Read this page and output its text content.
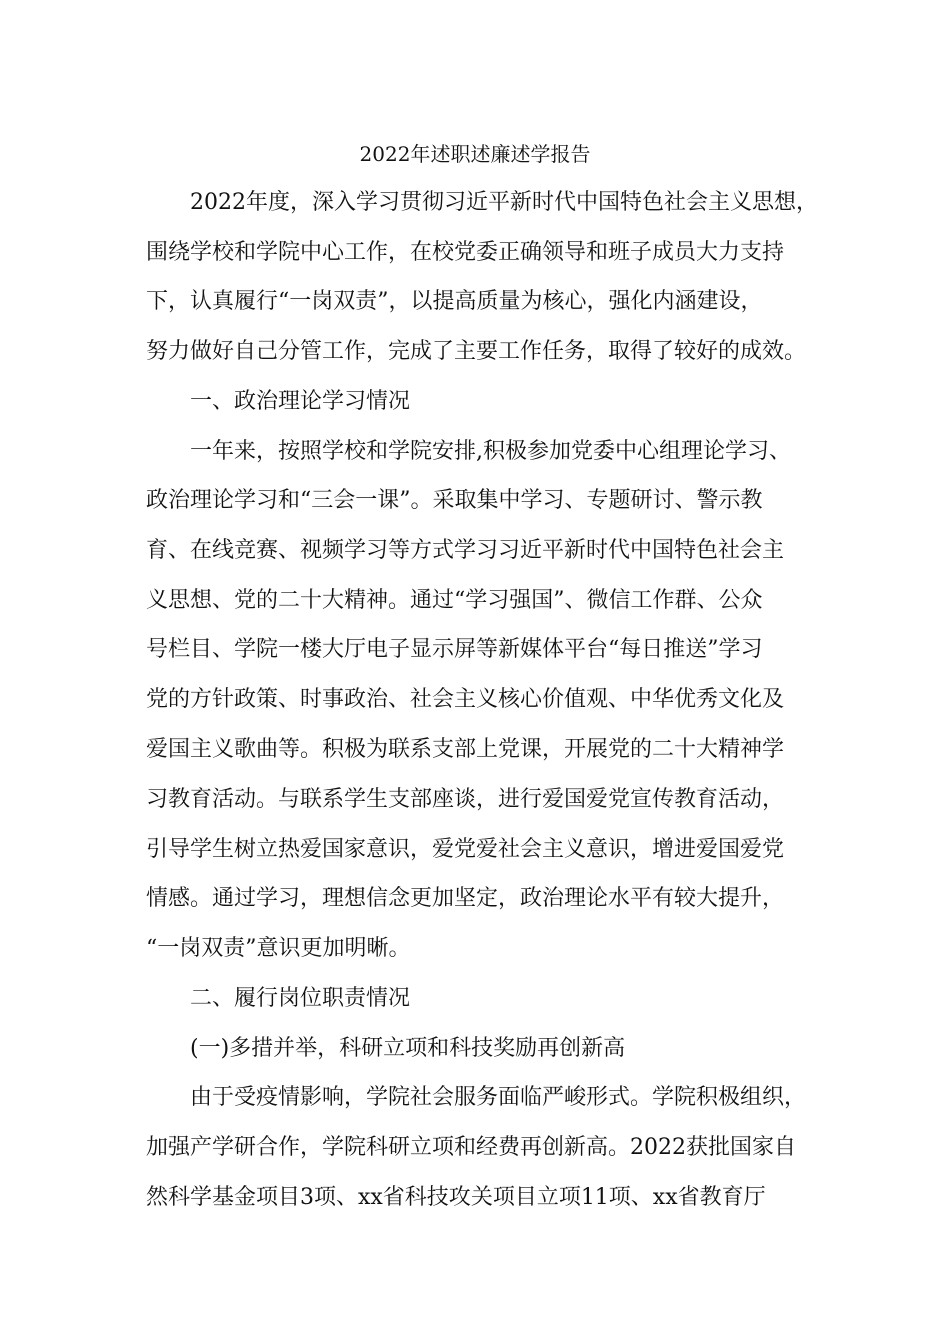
2022年述职述廉述学报告
2022年度，深入学习贯彻习近平新时代中国特色社会主义思想，
围绕学校和学院中心工作，在校党委正确领导和班子成员大力支持
下，认真履行“一岗双责”，以提高质量为核心，强化内涵建设，
努力做好自己分管工作，完成了主要工作任务，取得了较好的成效。
一、政治理论学习情况
一年来，按照学校和学院安排,积极参加党委中心组理论学习、
政治理论学习和“三会一课”。采取集中学习、专题研讨、警示教
育、在线竞赛、视频学习等方式学习习近平新时代中国特色社会主
义思想、党的二十大精神。通过“学习强国”、微信工作群、公众
号栏目、学院一楼大厅电子显示屏等新媒体平台“每日推送”学习
党的方针政策、时事政治、社会主义核心价值观、中华优秀文化及
爱国主义歌曲等。积极为联系支部上党课，开展党的二十大精神学
习教育活动。与联系学生支部座谈，进行爱国爱党宣传教育活动，
引导学生树立热爱国家意识，爱党爱社会主义意识，增进爱国爱党
情感。通过学习，理想信念更加坚定，政治理论水平有较大提升，
“一岗双责”意识更加明晰。
二、履行岗位职责情况
(一)多措并举，科研立项和科技奖励再创新高
由于受疫情影响，学院社会服务面临严峻形式。学院积极组织，
加强产学研合作，学院科研立项和经费再创新高。2022获批国家自
然科学基金项目3项、xx省科技攻关项目立项11项、xx省教育厅
